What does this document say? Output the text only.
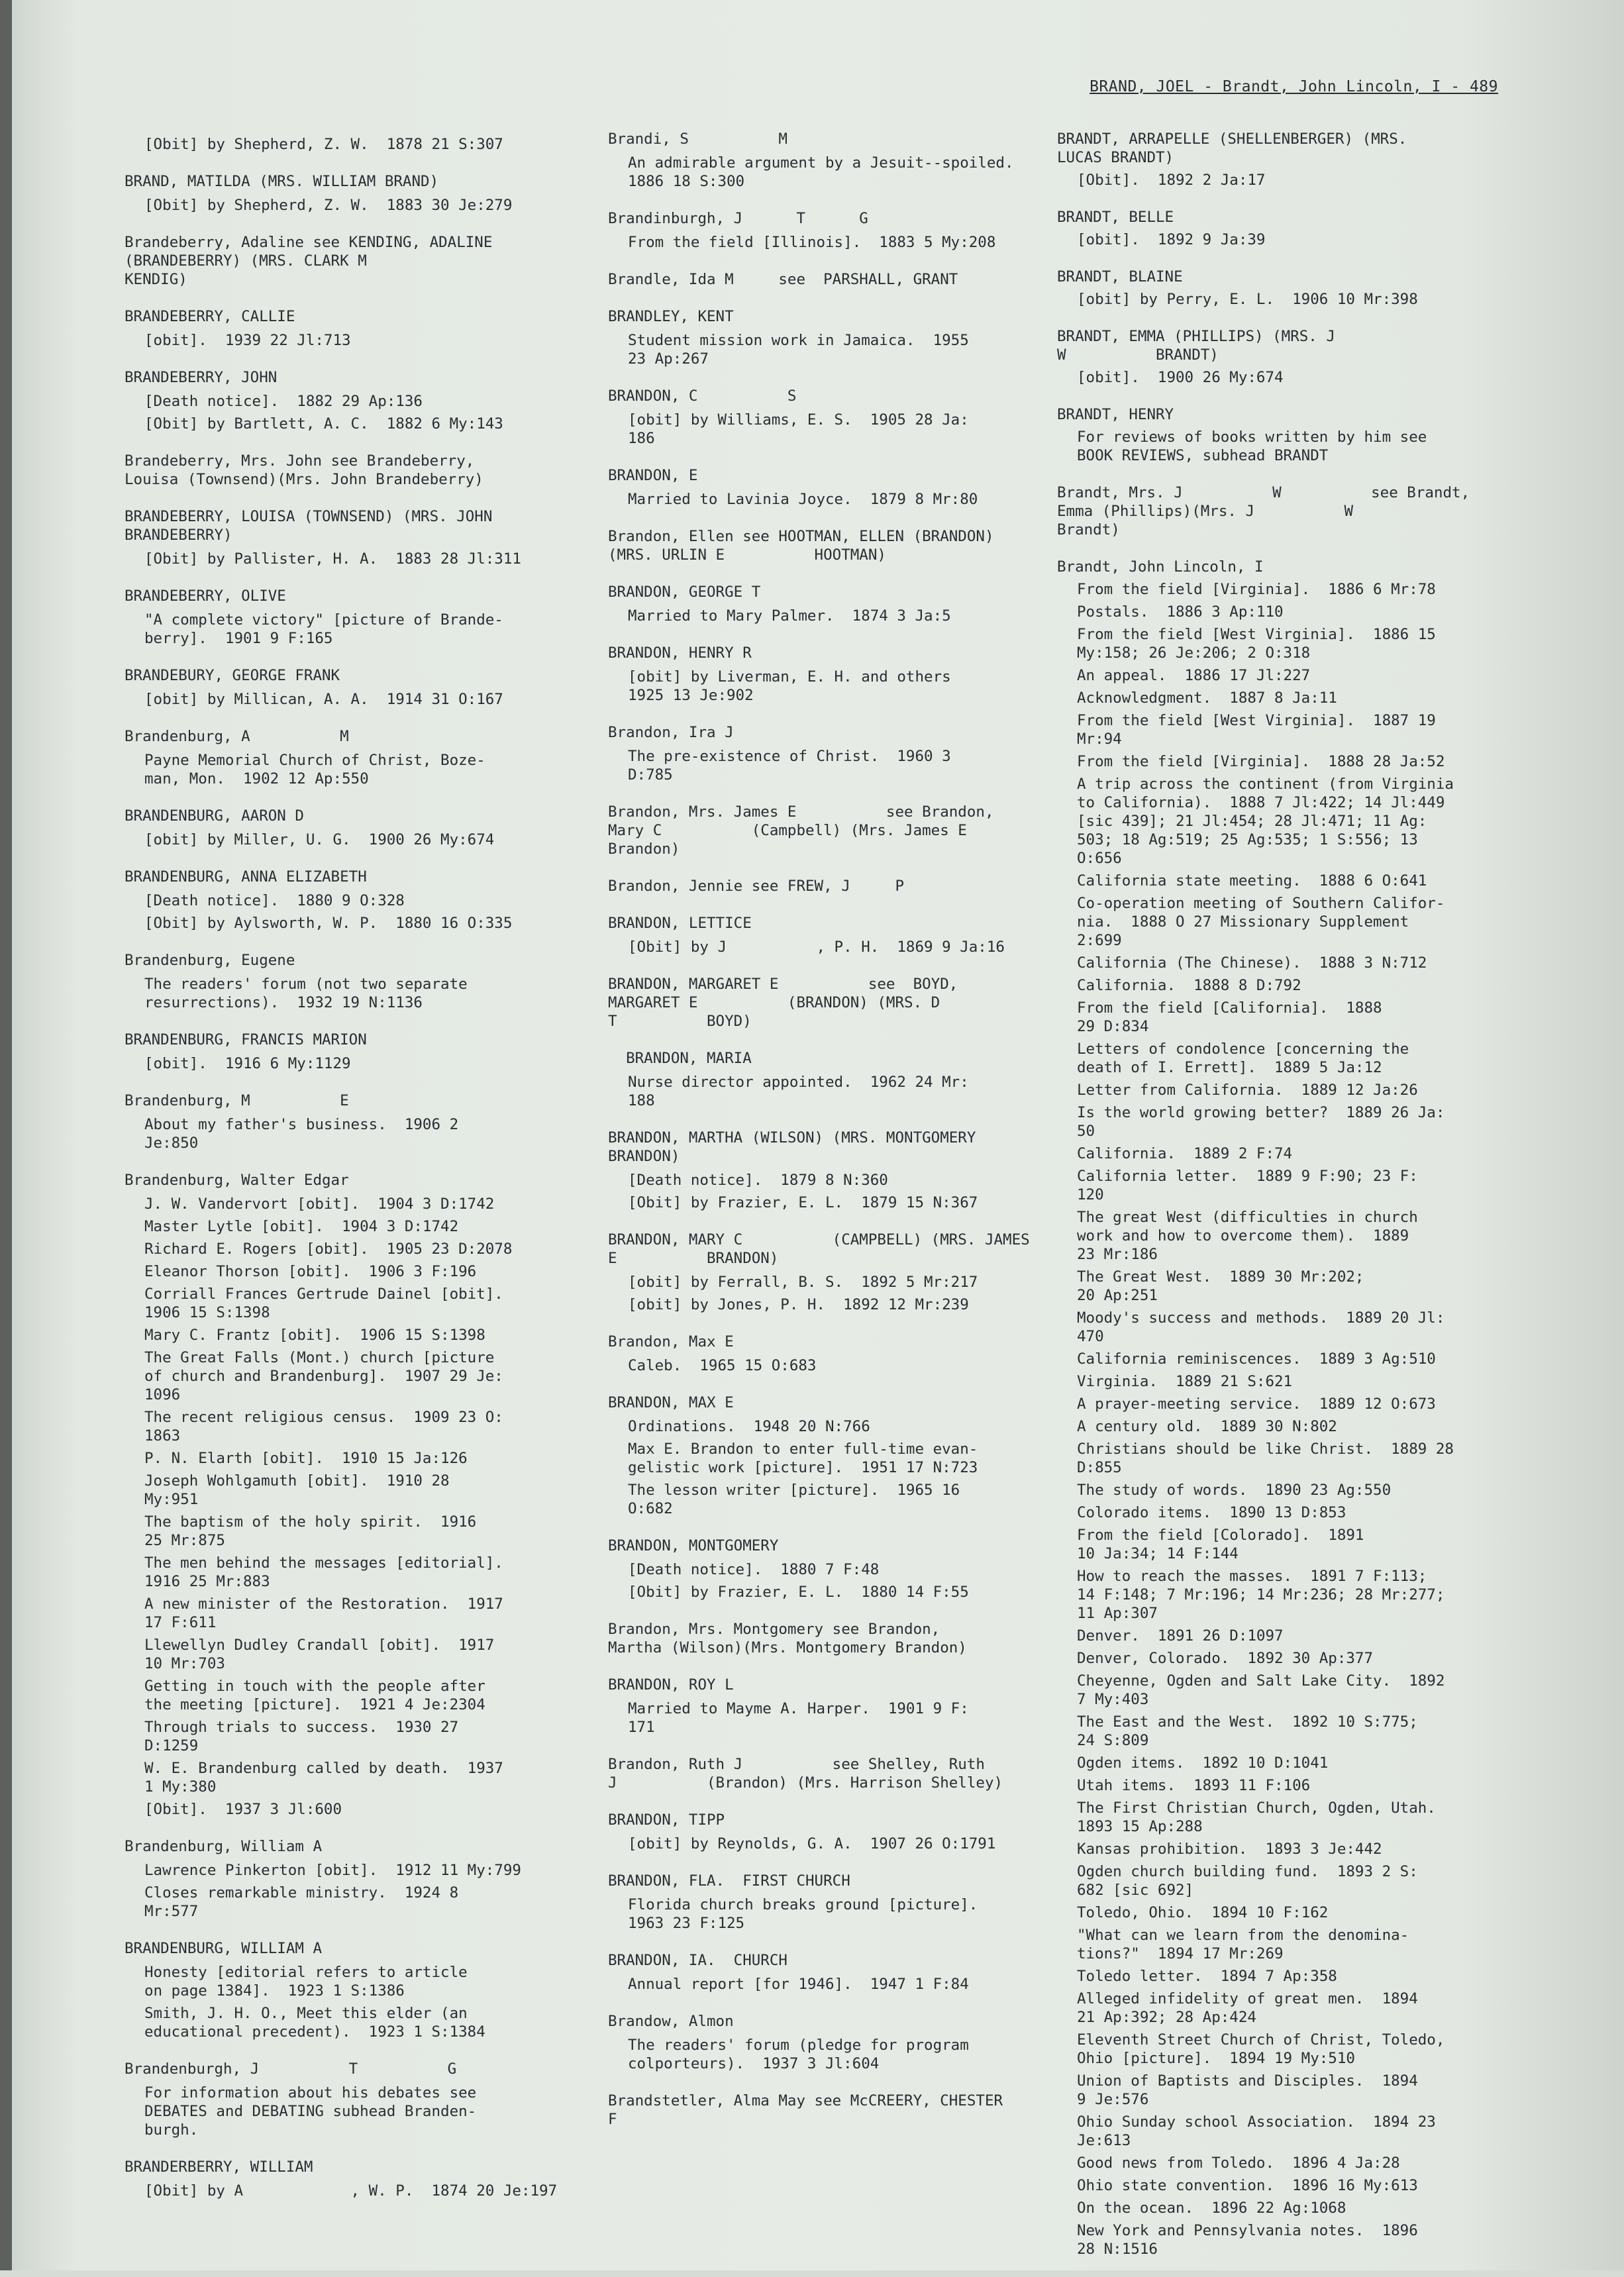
BRAND, JOEL - Brandt, John Lincoln, I - 489
[Obit] by Shepherd, Z. W.  1878 21 S:307
BRAND, MATILDA (MRS. WILLIAM BRAND)
[Obit] by Shepherd, Z. W.  1883 30 Je:279
Brandeberry, Adaline see KENDING, ADALINE
(BRANDEBERRY) (MRS. CLARK M
KENDIG)
BRANDEBERRY, CALLIE
[obit].  1939 22 Jl:713
BRANDEBERRY, JOHN
[Death notice].  1882 29 Ap:136
[Obit] by Bartlett, A. C.  1882 6 My:143
Brandeberry, Mrs. John see Brandeberry,
Louisa (Townsend)(Mrs. John Brandeberry)
BRANDEBERRY, LOUISA (TOWNSEND) (MRS. JOHN
BRANDEBERRY)
[Obit] by Pallister, H. A.  1883 28 Jl:311
BRANDEBERRY, OLIVE
"A complete victory" [picture of Brande-
berry].  1901 9 F:165
BRANDEBURY, GEORGE FRANK
[obit] by Millican, A. A.  1914 31 O:167
Brandenburg, A          M
Payne Memorial Church of Christ, Boze-
man, Mon.  1902 12 Ap:550
BRANDENBURG, AARON D
[obit] by Miller, U. G.  1900 26 My:674
BRANDENBURG, ANNA ELIZABETH
[Death notice].  1880 9 O:328
[Obit] by Aylsworth, W. P.  1880 16 O:335
Brandenburg, Eugene
The readers' forum (not two separate
resurrections).  1932 19 N:1136
BRANDENBURG, FRANCIS MARION
[obit].  1916 6 My:1129
Brandenburg, M          E
About my father's business.  1906 2
Je:850
Brandenburg, Walter Edgar
J. W. Vandervort [obit].  1904 3 D:1742
Master Lytle [obit].  1904 3 D:1742
Richard E. Rogers [obit].  1905 23 D:2078
Eleanor Thorson [obit].  1906 3 F:196
Corriall Frances Gertrude Dainel [obit].
1906 15 S:1398
Mary C. Frantz [obit].  1906 15 S:1398
The Great Falls (Mont.) church [picture
of church and Brandenburg].  1907 29 Je:
1096
The recent religious census.  1909 23 O:
1863
P. N. Elarth [obit].  1910 15 Ja:126
Joseph Wohlgamuth [obit].  1910 28
My:951
The baptism of the holy spirit.  1916
25 Mr:875
The men behind the messages [editorial].
1916 25 Mr:883
A new minister of the Restoration.  1917
17 F:611
Llewellyn Dudley Crandall [obit].  1917
10 Mr:703
Getting in touch with the people after
the meeting [picture].  1921 4 Je:2304
Through trials to success.  1930 27
D:1259
W. E. Brandenburg called by death.  1937
1 My:380
[Obit].  1937 3 Jl:600
Brandenburg, William A
Lawrence Pinkerton [obit].  1912 11 My:799
Closes remarkable ministry.  1924 8
Mr:577
BRANDENBURG, WILLIAM A
Honesty [editorial refers to article
on page 1384].  1923 1 S:1386
Smith, J. H. O., Meet this elder (an
educational precedent).  1923 1 S:1384
Brandenburgh, J          T          G
For information about his debates see
DEBATES and DEBATING subhead Branden-
burgh.
BRANDERBERRY, WILLIAM
[Obit] by A            , W. P.  1874 20 Je:197
Brandi, S          M
An admirable argument by a Jesuit--spoiled.
1886 18 S:300
Brandinburgh, J      T      G
From the field [Illinois].  1883 5 My:208
Brandle, Ida M     see  PARSHALL, GRANT
BRANDLEY, KENT
Student mission work in Jamaica.  1955
23 Ap:267
BRANDON, C          S
[obit] by Williams, E. S.  1905 28 Ja:
186
BRANDON, E
Married to Lavinia Joyce.  1879 8 Mr:80
Brandon, Ellen see HOOTMAN, ELLEN (BRANDON)
(MRS. URLIN E          HOOTMAN)
BRANDON, GEORGE T
Married to Mary Palmer.  1874 3 Ja:5
BRANDON, HENRY R
[obit] by Liverman, E. H. and others
1925 13 Je:902
Brandon, Ira J
The pre-existence of Christ.  1960 3
D:785
Brandon, Mrs. James E          see Brandon,
Mary C          (Campbell) (Mrs. James E
Brandon)
Brandon, Jennie see FREW, J     P
BRANDON, LETTICE
[Obit] by J          , P. H.  1869 9 Ja:16
BRANDON, MARGARET E          see  BOYD,
MARGARET E          (BRANDON) (MRS. D
T          BOYD)
BRANDON, MARIA
Nurse director appointed.  1962 24 Mr:
188
BRANDON, MARTHA (WILSON) (MRS. MONTGOMERY
BRANDON)
[Death notice].  1879 8 N:360
[Obit] by Frazier, E. L.  1879 15 N:367
BRANDON, MARY C          (CAMPBELL) (MRS. JAMES
E          BRANDON)
[obit] by Ferrall, B. S.  1892 5 Mr:217
[obit] by Jones, P. H.  1892 12 Mr:239
Brandon, Max E
Caleb.  1965 15 O:683
BRANDON, MAX E
Ordinations.  1948 20 N:766
Max E. Brandon to enter full-time evan-
gelistic work [picture].  1951 17 N:723
The lesson writer [picture].  1965 16
O:682
BRANDON, MONTGOMERY
[Death notice].  1880 7 F:48
[Obit] by Frazier, E. L.  1880 14 F:55
Brandon, Mrs. Montgomery see Brandon,
Martha (Wilson)(Mrs. Montgomery Brandon)
BRANDON, ROY L
Married to Mayme A. Harper.  1901 9 F:
171
Brandon, Ruth J          see Shelley, Ruth
J          (Brandon) (Mrs. Harrison Shelley)
BRANDON, TIPP
[obit] by Reynolds, G. A.  1907 26 O:1791
BRANDON, FLA.  FIRST CHURCH
Florida church breaks ground [picture].
1963 23 F:125
BRANDON, IA.  CHURCH
Annual report [for 1946].  1947 1 F:84
Brandow, Almon
The readers' forum (pledge for program
colporteurs).  1937 3 Jl:604
Brandstetler, Alma May see McCREERY, CHESTER
F
BRANDT, ARRAPELLE (SHELLENBERGER) (MRS.
LUCAS BRANDT)
[Obit].  1892 2 Ja:17
BRANDT, BELLE
[obit].  1892 9 Ja:39
BRANDT, BLAINE
[obit] by Perry, E. L.  1906 10 Mr:398
BRANDT, EMMA (PHILLIPS) (MRS. J
W          BRANDT)
[obit].  1900 26 My:674
BRANDT, HENRY
For reviews of books written by him see
BOOK REVIEWS, subhead BRANDT
Brandt, Mrs. J          W          see Brandt,
Emma (Phillips)(Mrs. J          W
Brandt)
Brandt, John Lincoln, I
From the field [Virginia].  1886 6 Mr:78
Postals.  1886 3 Ap:110
From the field [West Virginia].  1886 15
My:158; 26 Je:206; 2 O:318
An appeal.  1886 17 Jl:227
Acknowledgment.  1887 8 Ja:11
From the field [West Virginia].  1887 19
Mr:94
From the field [Virginia].  1888 28 Ja:52
A trip across the continent (from Virginia
to California).  1888 7 Jl:422; 14 Jl:449
[sic 439]; 21 Jl:454; 28 Jl:471; 11 Ag:
503; 18 Ag:519; 25 Ag:535; 1 S:556; 13
O:656
California state meeting.  1888 6 O:641
Co-operation meeting of Southern Califor-
nia.  1888 O 27 Missionary Supplement
2:699
California (The Chinese).  1888 3 N:712
California.  1888 8 D:792
From the field [California].  1888
29 D:834
Letters of condolence [concerning the
death of I. Errett].  1889 5 Ja:12
Letter from California.  1889 12 Ja:26
Is the world growing better?  1889 26 Ja:
50
California.  1889 2 F:74
California letter.  1889 9 F:90; 23 F:
120
The great West (difficulties in church
work and how to overcome them).  1889
23 Mr:186
The Great West.  1889 30 Mr:202;
20 Ap:251
Moody's success and methods.  1889 20 Jl:
470
California reminiscences.  1889 3 Ag:510
Virginia.  1889 21 S:621
A prayer-meeting service.  1889 12 O:673
A century old.  1889 30 N:802
Christians should be like Christ.  1889 28
D:855
The study of words.  1890 23 Ag:550
Colorado items.  1890 13 D:853
From the field [Colorado].  1891
10 Ja:34; 14 F:144
How to reach the masses.  1891 7 F:113;
14 F:148; 7 Mr:196; 14 Mr:236; 28 Mr:277;
11 Ap:307
Denver.  1891 26 D:1097
Denver, Colorado.  1892 30 Ap:377
Cheyenne, Ogden and Salt Lake City.  1892
7 My:403
The East and the West.  1892 10 S:775;
24 S:809
Ogden items.  1892 10 D:1041
Utah items.  1893 11 F:106
The First Christian Church, Ogden, Utah.
1893 15 Ap:288
Kansas prohibition.  1893 3 Je:442
Ogden church building fund.  1893 2 S:
682 [sic 692]
Toledo, Ohio.  1894 10 F:162
"What can we learn from the denomina-
tions?"  1894 17 Mr:269
Toledo letter.  1894 7 Ap:358
Alleged infidelity of great men.  1894
21 Ap:392; 28 Ap:424
Eleventh Street Church of Christ, Toledo,
Ohio [picture].  1894 19 My:510
Union of Baptists and Disciples.  1894
9 Je:576
Ohio Sunday school Association.  1894 23
Je:613
Good news from Toledo.  1896 4 Ja:28
Ohio state convention.  1896 16 My:613
On the ocean.  1896 22 Ag:1068
New York and Pennsylvania notes.  1896
28 N:1516
